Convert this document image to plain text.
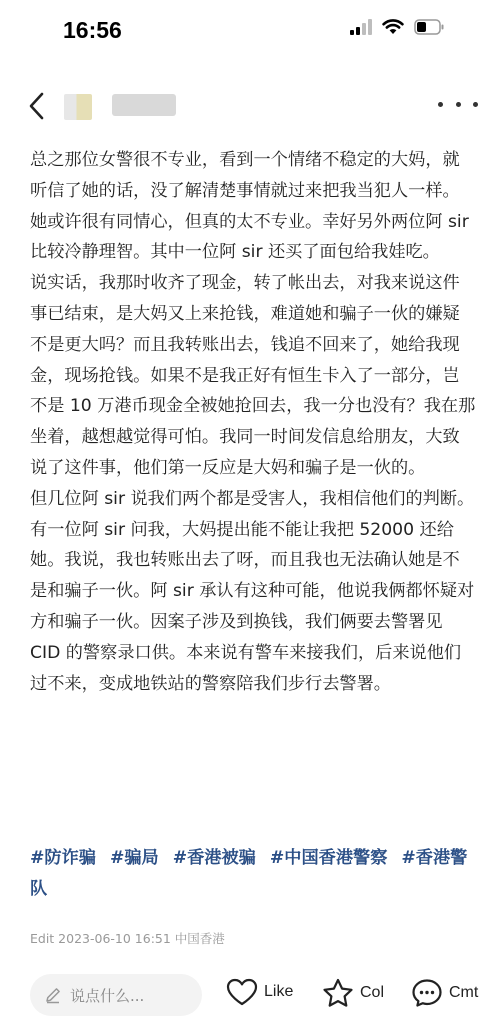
16:56

总之那位女警很不专业，看到一个情绪不稳定的大妈，就听信了她的话，没了解清楚事情就过来把我当犯人一样。她或许很有同情心，但真的太不专业。幸好另外两位阿 sir 比较冷静理智。其中一位阿 sir 还买了面包给我娃吃。

说实话，我那时收齐了现金，转了帐出去，对我来说这件事已结束，是大妈又上来抢钱，难道她和骗子一伙的嫌疑不是更大吗？而且我转账出去，钱追不回来了，她给我现金，现场抢钱。如果不是我正好有恒生卡入了一部分，岂不是 10 万港币现金全被她抢回去，我一分也没有？我在那坐着，越想越觉得可怕。我同一时间发信息给朋友，大致说了这件事，他们第一反应是大妈和骗子是一伙的。

但几位阿 sir 说我们两个都是受害人，我相信他们的判断。有一位阿 sir 问我，大妈提出能不能让我把 52000 还给她。我说，我也转账出去了呀，而且我也无法确认她是不是和骗子一伙。阿 sir 承认有这种可能，他说我俩都怀疑对方和骗子一伙。因案子涉及到换钱，我们俩要去警署见 CID 的警察录口供。本来说有警车来接我们，后来说他们过不来，变成地铁站的警察陪我们步行去警署。

#防诈骗 #骗局 #香港被骗 #中国香港警察 #香港警队
Edit 2023-06-10 16:51 中国香港
说点什么...	Like	Col	Cmt
